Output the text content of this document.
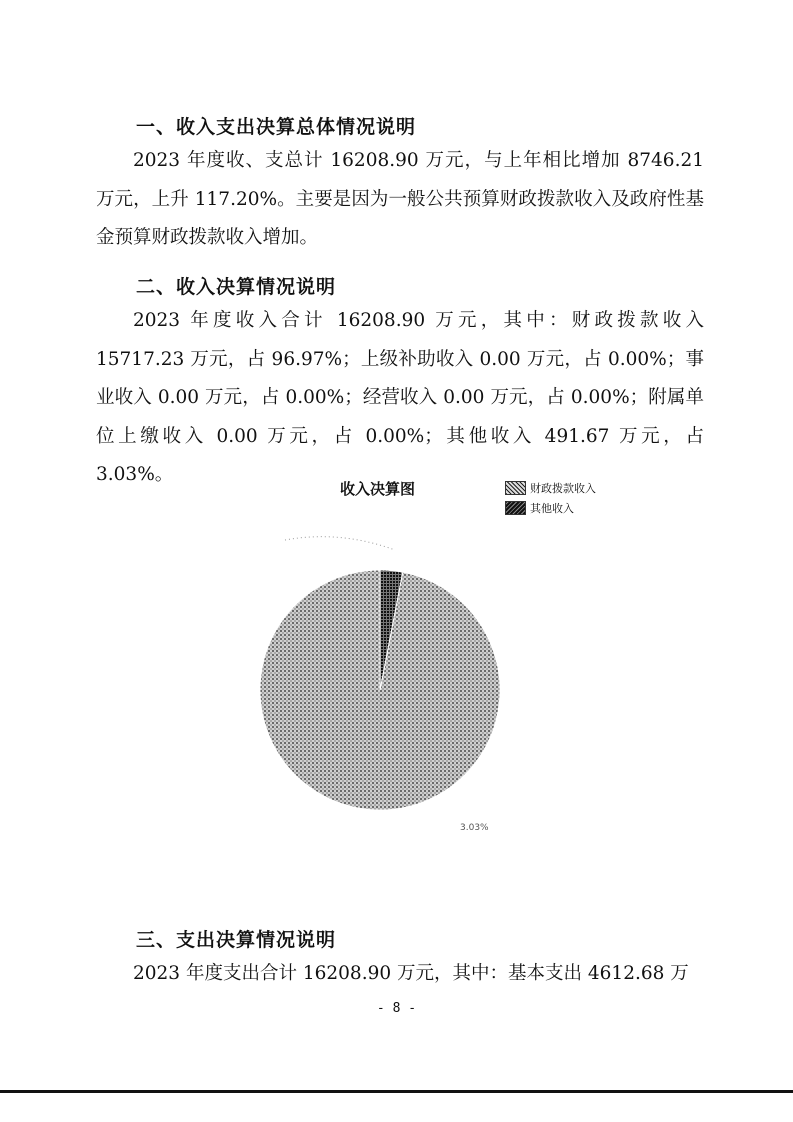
一、收入支出决算总体情况说明

2023 年度收、支总计 16208.90 万元，与上年相比增加 8746.21 万元，上升 117.20%。主要是因为一般公共预算财政拨款收入及政府性基金预算财政拨款收入增加。

二、收入决算情况说明

2023 年度收入合计 16208.90 万元，其中：财政拨款收入 15717.23 万元，占 96.97%；上级补助收入 0.00 万元，占 0.00%；事业收入 0.00 万元，占 0.00%；经营收入 0.00 万元，占 0.00%；附属单位上缴收入 0.00 万元，占 0.00%；其他收入 491.67 万元，占 3.03%。

收入决算图	财政拨款收入
其他收入
3.03%
三、支出决算情况说明

2023 年度支出合计 16208.90 万元，其中：基本支出 4612.68 万

- 8 -
